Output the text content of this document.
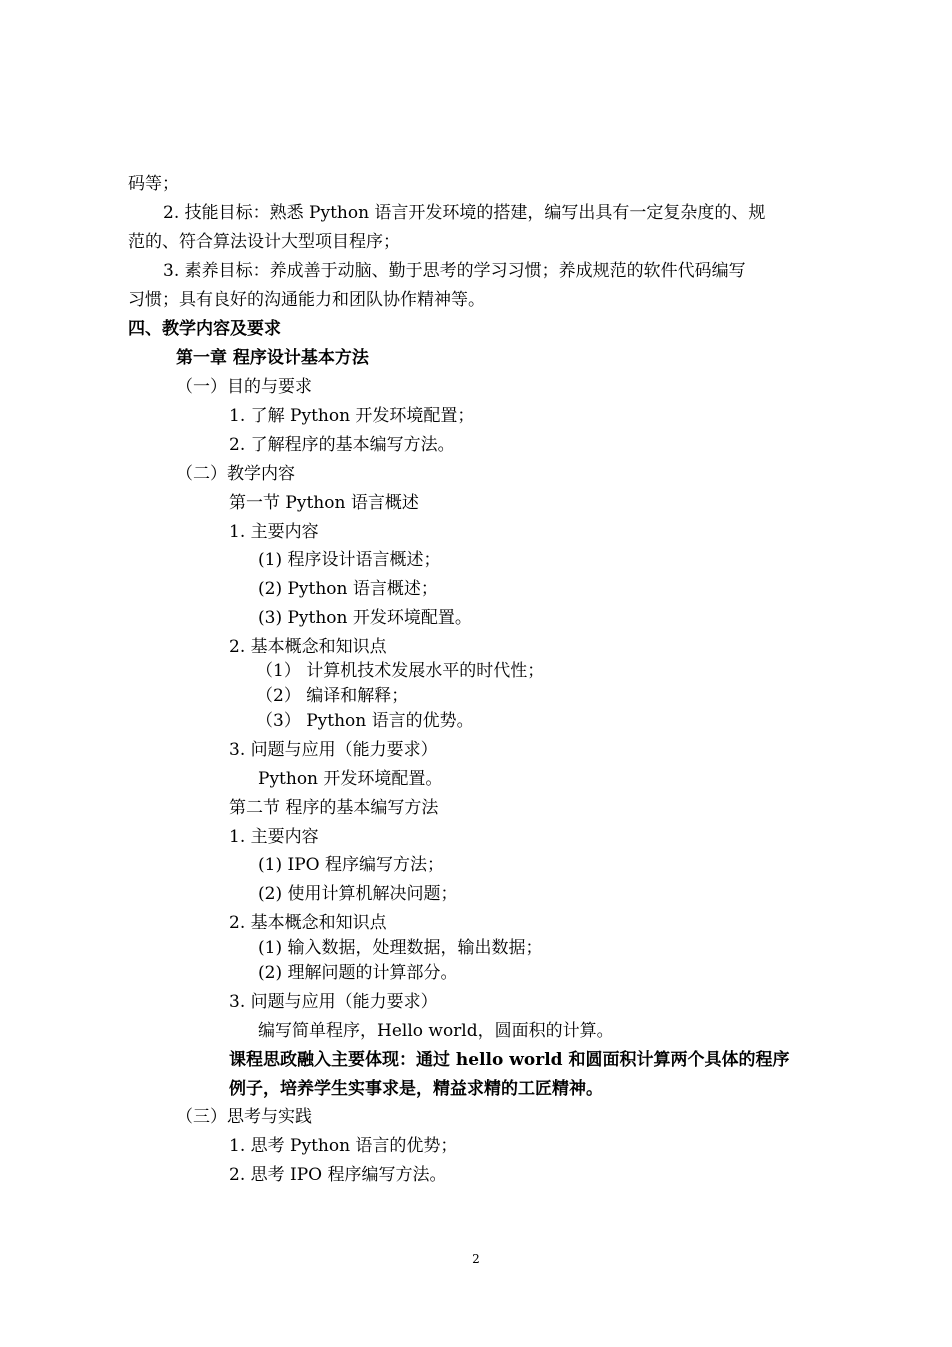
码等；
2. 技能目标：熟悉 Python 语言开发环境的搭建，编写出具有一定复杂度的、规
范的、符合算法设计大型项目程序；
3. 素养目标：养成善于动脑、勤于思考的学习习惯；养成规范的软件代码编写
习惯；具有良好的沟通能力和团队协作精神等。
四、教学内容及要求
第一章 程序设计基本方法
（一）目的与要求
1. 了解 Python 开发环境配置；
2. 了解程序的基本编写方法。
（二）教学内容
第一节 Python 语言概述
1. 主要内容
(1) 程序设计语言概述；
(2) Python 语言概述；
(3) Python 开发环境配置。
2. 基本概念和知识点
（1） 计算机技术发展水平的时代性；
（2） 编译和解释；
（3） Python 语言的优势。
3. 问题与应用（能力要求）
Python 开发环境配置。
第二节 程序的基本编写方法
1. 主要内容
(1) IPO 程序编写方法；
(2) 使用计算机解决问题；
2. 基本概念和知识点
(1) 输入数据，处理数据，输出数据；
(2) 理解问题的计算部分。
3. 问题与应用（能力要求）
编写简单程序，Hello world，圆面积的计算。
课程思政融入主要体现：通过 hello world 和圆面积计算两个具体的程序
例子，培养学生实事求是，精益求精的工匠精神。
（三）思考与实践
1. 思考 Python 语言的优势；
2. 思考 IPO 程序编写方法。
2
